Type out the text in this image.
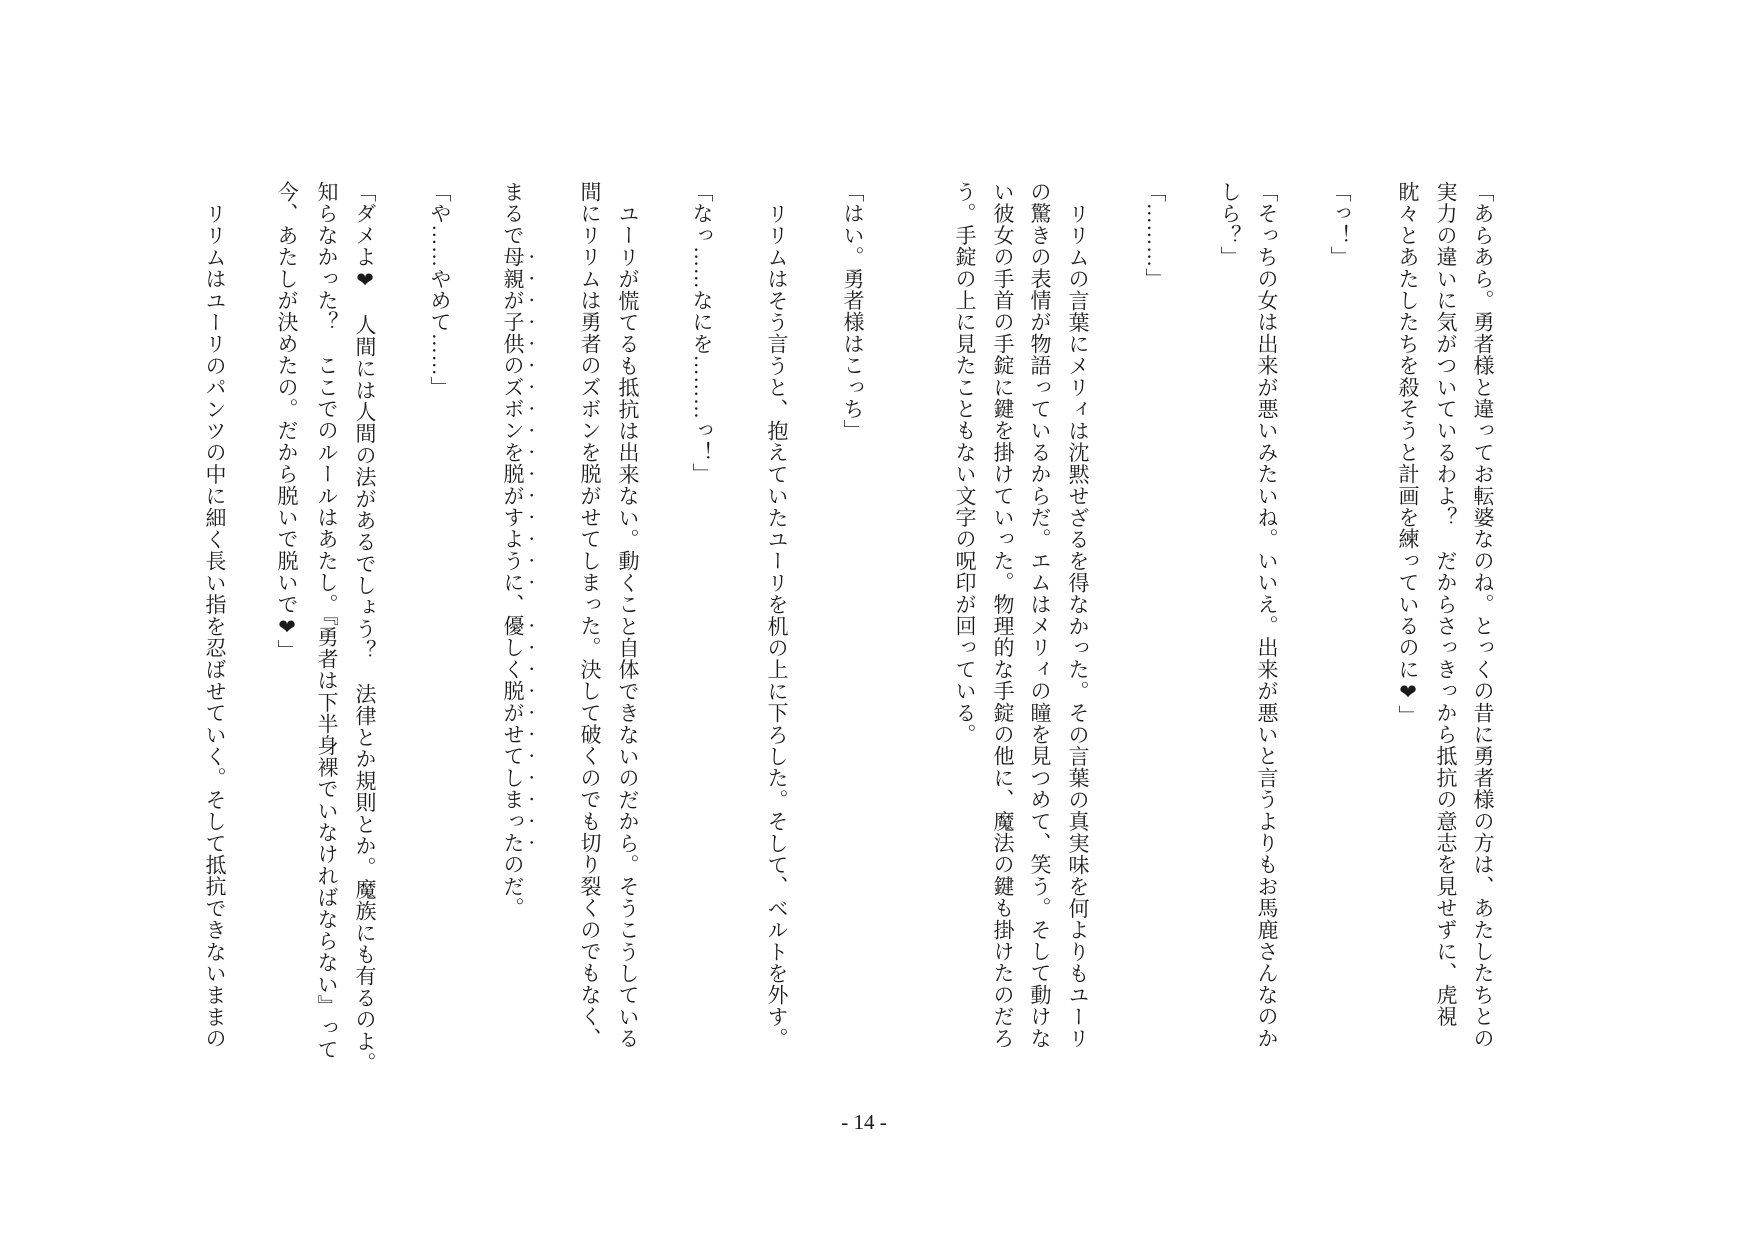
「あらあら。勇者様と違ってお転婆なのね。とっくの昔に勇者様の方は、あたしたちとの
実力の違いに気がついているわよ？　だからさっきっから抵抗の意志を見せずに、虎視
眈々とあたしたちを殺そうと計画を練っているのに❤︎」
「っ！」
「そっちの女は出来が悪いみたいね。いいえ。出来が悪いと言うよりもお馬鹿さんなのか
しら？」
「………」
リリムの言葉にメリィは沈黙せざるを得なかった。その言葉の真実味を何よりもユーリ
の驚きの表情が物語っているからだ。エムはメリィの瞳を見つめて、笑う。そして動けな
い彼女の手首の手錠に鍵を掛けていった。物理的な手錠の他に、魔法の鍵も掛けたのだろ
う。手錠の上に見たこともない文字の呪印が回っている。
「はい。勇者様はこっち」
リリムはそう言うと、抱えていたユーリを机の上に下ろした。そして、ベルトを外す。
「なっ……なにを………っ！」
ユーリが慌てるも抵抗は出来ない。動くこと自体できないのだから。そうこうしている
間にリリムは勇者のズボンを脱がせてしまった。決して破くのでも切り裂くのでもなく、
まるで母親が子供のズボンを脱がすように、優しく脱がせてしまったのだ。
「や……やめて……」
「ダメよ❤︎　人間には人間の法があるでしょう？　法律とか規則とか。魔族にも有るのよ。
知らなかった？　ここでのルールはあたし。『勇者は下半身裸でいなければならない』って
今、あたしが決めたの。だから脱いで脱いで❤︎」
リリムはユーリのパンツの中に細く長い指を忍ばせていく。そして抵抗できないままの
- 14 -
